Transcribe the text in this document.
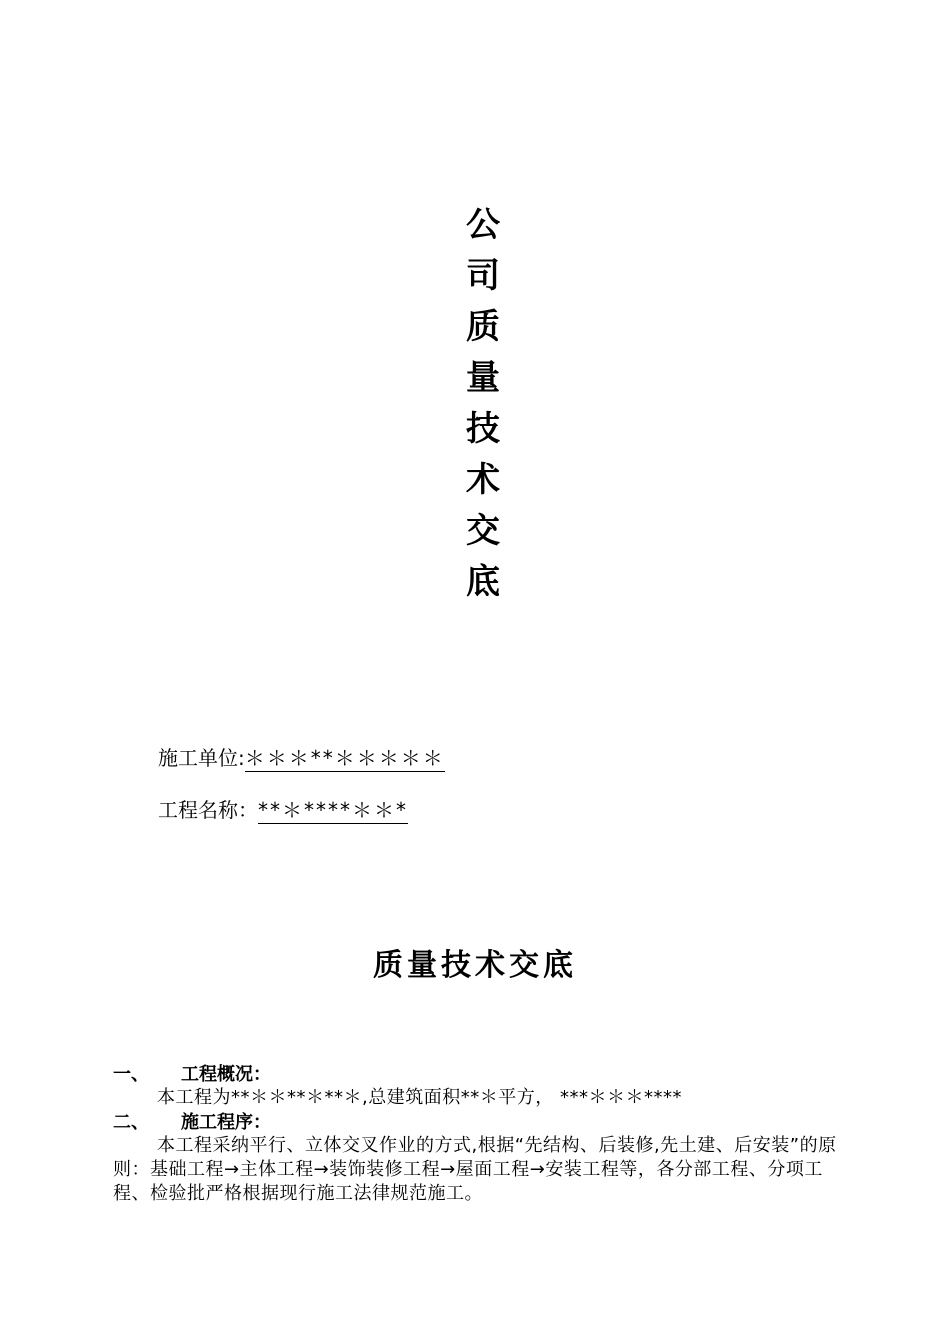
公
司
质
量
技
术
交
底
施工单位:＊＊＊**＊＊＊＊＊
工程名称：**＊****＊＊*
质量技术交底
一、	工程概况：
本工程为**＊＊**＊**＊,总建筑面积**＊平方， ***＊＊＊****
二、	施工程序：
本工程采纳平行、立体交叉作业的方式,根据“先结构、后装修,先土建、后安装”的原则：基础工程→主体工程→装饰装修工程→屋面工程→安装工程等，各分部工程、分项工程、检验批严格根据现行施工法律规范施工。
